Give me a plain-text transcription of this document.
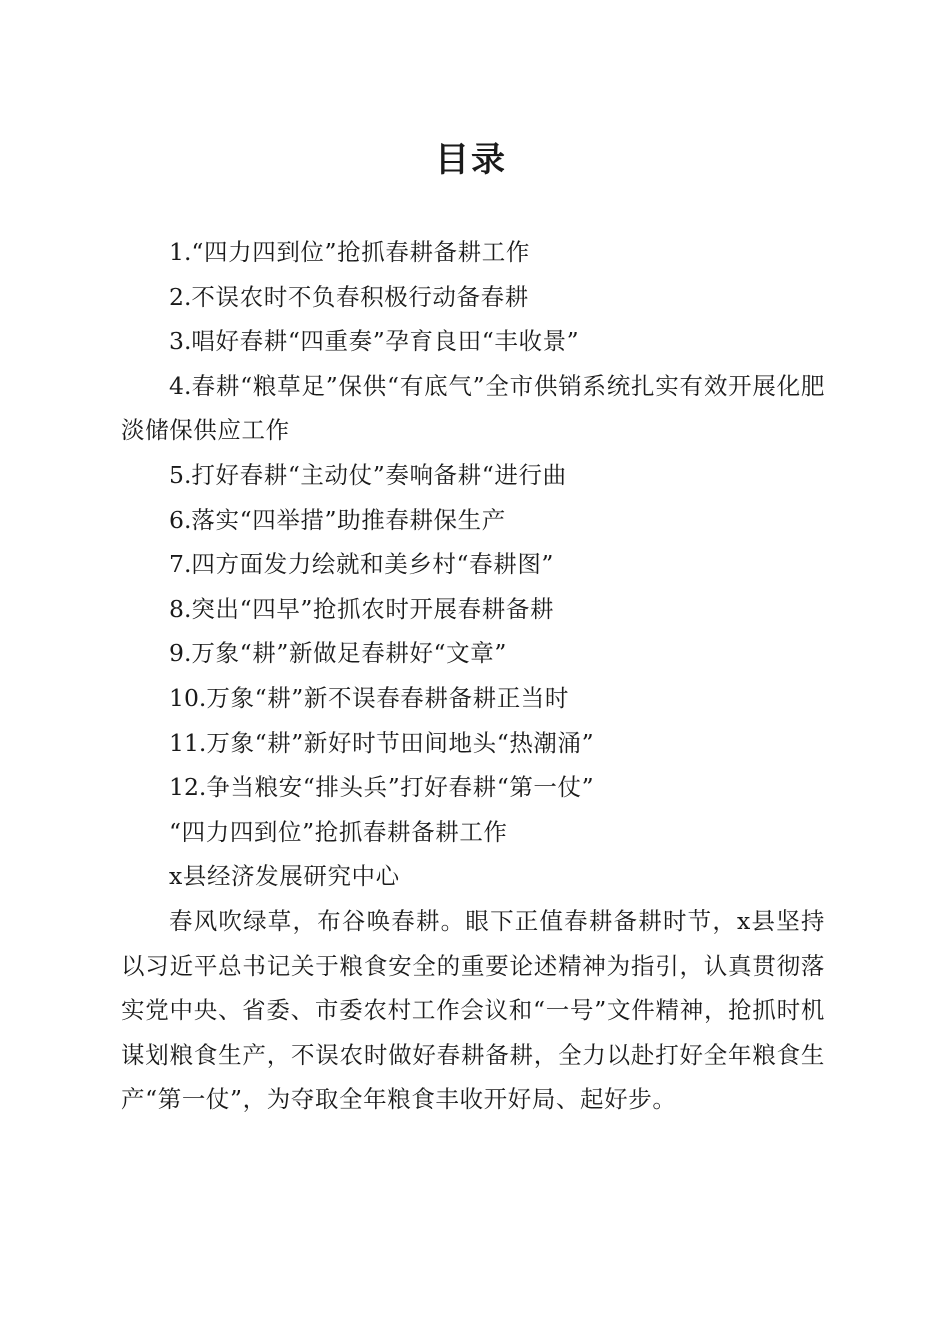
目录
1.“四力四到位”抢抓春耕备耕工作
2.不误农时不负春积极行动备春耕
3.唱好春耕“四重奏”孕育良田“丰收景”
4.春耕“粮草足”保供“有底气”全市供销系统扎实有效开展化肥淡储保供应工作
5.打好春耕“主动仗”奏响备耕“进行曲
6.落实“四举措”助推春耕保生产
7.四方面发力绘就和美乡村“春耕图”
8.突出“四早”抢抓农时开展春耕备耕
9.万象“耕”新做足春耕好“文章”
10.万象“耕”新不误春春耕备耕正当时
11.万象“耕”新好时节田间地头“热潮涌”
12.争当粮安“排头兵”打好春耕“第一仗”

“四力四到位”抢抓春耕备耕工作

x县经济发展研究中心

春风吹绿草，布谷唤春耕。眼下正值春耕备耕时节，x县坚持以习近平总书记关于粮食安全的重要论述精神为指引，认真贯彻落实党中央、省委、市委农村工作会议和“一号”文件精神，抢抓时机谋划粮食生产，不误农时做好春耕备耕，全力以赴打好全年粮食生产“第一仗”，为夺取全年粮食丰收开好局、起好步。
